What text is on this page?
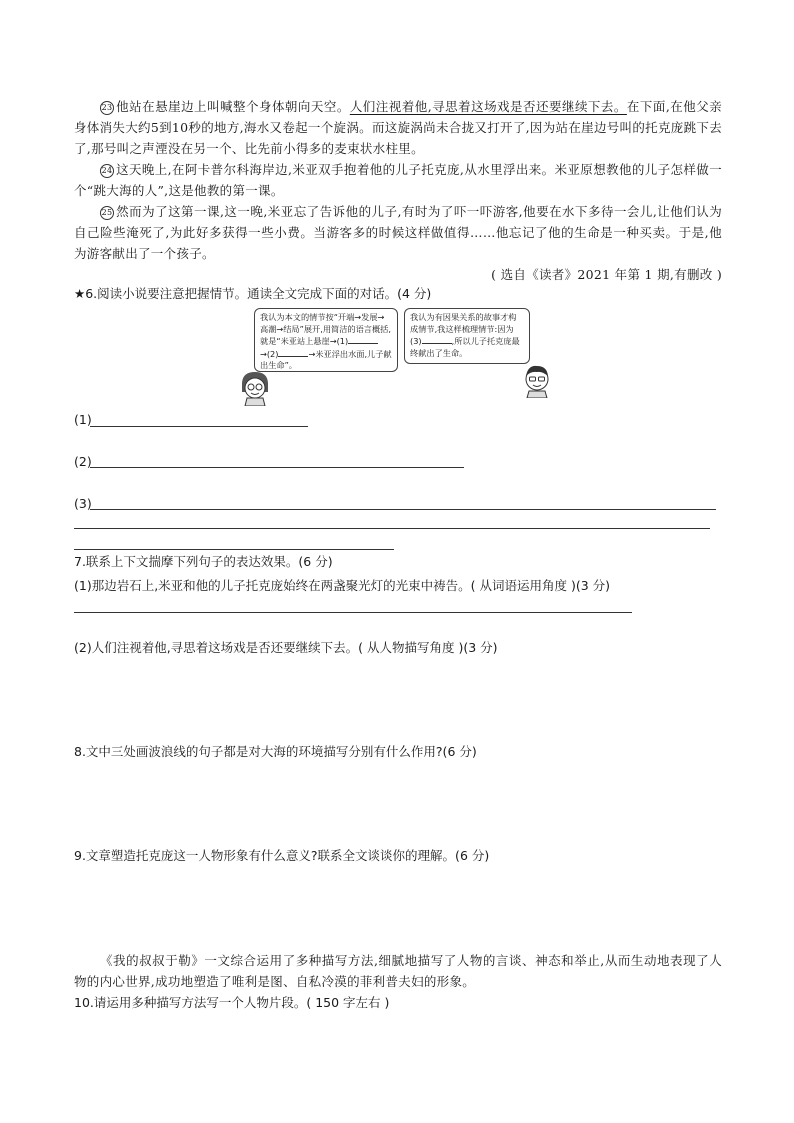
23 他站在悬崖边上叫喊整个身体朝向天空。人们注视着他,寻思着这场戏是否还要继续下去。在下面,在他父亲身体消失大约5到10秒的地方,海水又卷起一个旋涡。而这旋涡尚未合拢又打开了,因为站在崖边号叫的托克庞跳下去了,那号叫之声湮没在另一个、比先前小得多的麦束状水柱里。
24 这天晚上,在阿卡普尔科海岸边,米亚双手抱着他的儿子托克庞,从水里浮出来。米亚原想教他的儿子怎样做一个“跳大海的人”,这是他教的第一课。
25 然而为了这第一课,这一晚,米亚忘了告诉他的儿子,有时为了吓一吓游客,他要在水下多待一会儿,让他们认为自己险些淹死了,为此好多获得一些小费。当游客多的时候这样做值得……他忘记了他的生命是一种买卖。于是,他为游客献出了一个孩子。
( 选自《读者》2021 年第 1 期,有删改 )
★6.阅读小说要注意把握情节。通读全文完成下面的对话。(4 分)
我认为本文的情节按“开端→发展→高潮→结局”展开,用简洁的语言概括,就是“米亚站上悬崖→(1)→(2)	→米亚浮出水面,儿子献出生命”。
我认为有因果关系的故事才构成情节,我这样梳理情节:因为(3)	,所以儿子托克庞最终献出了生命。
(1)
(2)
(3)
7.联系上下文揣摩下列句子的表达效果。(6 分)
(1)那边岩石上,米亚和他的儿子托克庞始终在两盏聚光灯的光束中祷告。( 从词语运用角度 )(3 分)
(2)人们注视着他,寻思着这场戏是否还要继续下去。( 从人物描写角度 )(3 分)
8.文中三处画波浪线的句子都是对大海的环境描写分别有什么作用?(6 分)
9.文章塑造托克庞这一人物形象有什么意义?联系全文谈谈你的理解。(6 分)
《我的叔叔于勒》一文综合运用了多种描写方法,细腻地描写了人物的言谈、神态和举止,从而生动地表现了人物的内心世界,成功地塑造了唯利是图、自私冷漠的菲利普夫妇的形象。
10.请运用多种描写方法写一个人物片段。( 150 字左右 )
